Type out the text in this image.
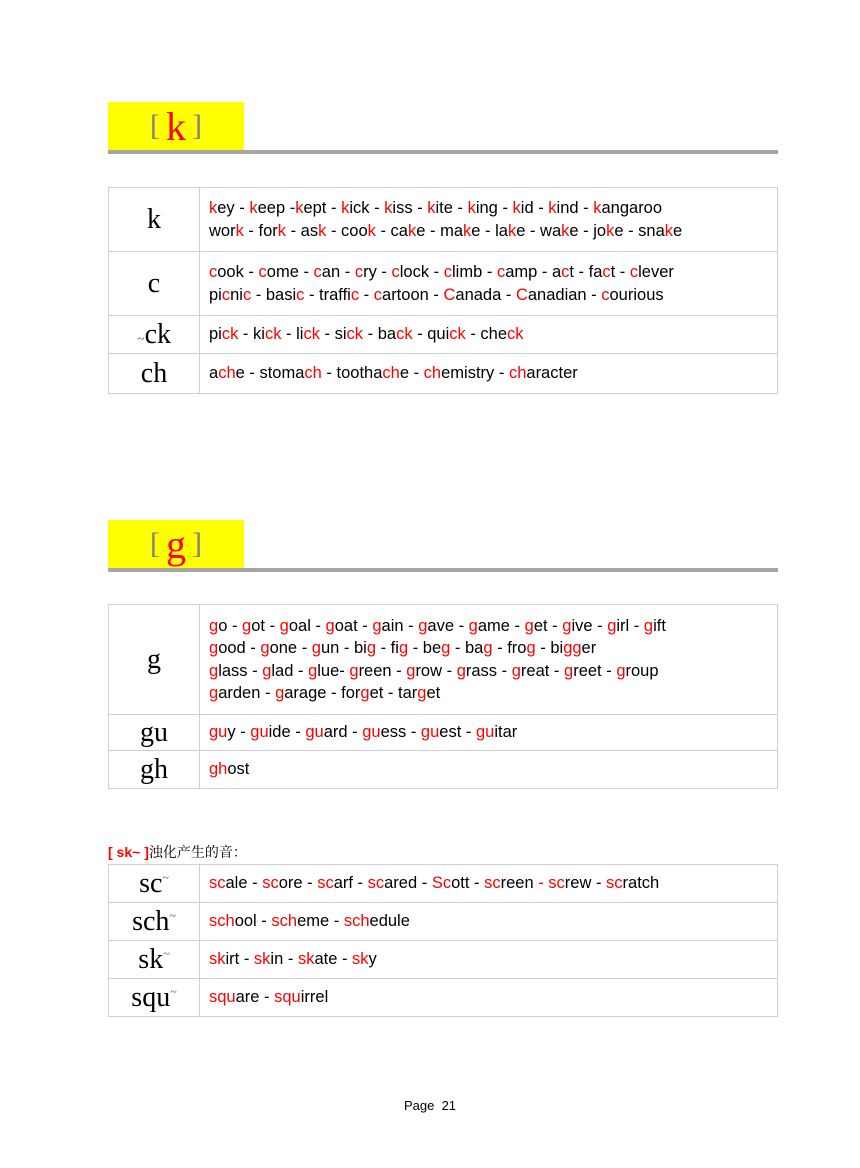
[ k ]
k	key - keep -kept - kick - kiss - kite - king - kid - kind - kangaroo
work - fork - ask - cook - cake - make - lake - wake - joke - snake

c	cook - come - can - cry - clock - climb - camp - act - fact - clever
picnic - basic - traffic - cartoon - Canada - Canadian - courious

~ck	pick - kick - lick - sick - back - quick - check

ch	ache - stomach - toothache - chemistry - character
[ g ]
g	go - got - goal - goat - gain - gave - game - get - give - girl - gift
good - gone - gun - big - fig - beg - bag - frog - bigger
glass - glad - glue- green - grow - grass - great - greet - group
garden - garage - forget - target

gu	guy - guide - guard - guess - guest - guitar

gh	ghost
[ sk~ ]浊化产生的音：
sc~	scale - score - scarf - scared - Scott - screen - screw - scratch

sch~	school - scheme - schedule

sk~	skirt - skin - skate - sky

squ~	square - squirrel
Page 21
